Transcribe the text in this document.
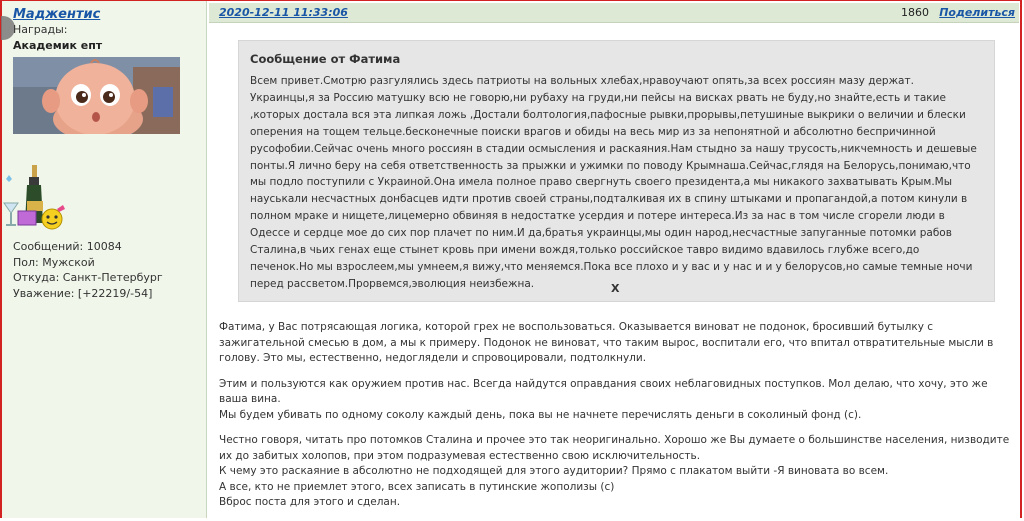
Маджентис
Награды:
Академик епт
Сообщений: 10084
Пол: Мужской
Откуда: Санкт-Петербург
Уважение: [+22219/-54]
2020-12-11 11:33:06	1860 Поделиться
Сообщение от Фатима
Всем привет.Смотрю разгулялись здесь патриоты на вольных хлебах,нравоучают опять,за всех россиян мазу держат. Украинцы,я за Россию матушку всю не говорю,ни рубаху на груди,ни пейсы на висках рвать не буду,но знайте,есть и такие ,которых достала вся эта липкая ложь ,Достали болтология,пафосные рывки,прорывы,петушиные выкрики о величии и блески оперения на тощем тельце.бесконечные поиски врагов и обиды на весь мир из за непонятной и абсолютно беспричинной русофобии.Сейчас очень много россиян в стадии осмысления и раскаяния.Нам стыдно за нашу трусость,никчемность и дешевые понты.Я лично беру на себя ответственность за прыжки и ужимки по поводу Крымнаша.Сейчас,глядя на Белорусь,понимаю,что мы подло поступили с Украиной.Она имела полное право свергнуть своего президента,а мы никакого захватывать Крым.Мы науськали несчастных донбасцев идти против своей страны,подталкивая их в спину штыками и пропагандой,а потом кинули в полном мраке и нищете,лицемерно обвиняя в недостатке усердия и потере интереса.Из за нас в том числе сгорели люди в Одессе и сердце мое до сих пор плачет по ним.И да,братья украинцы,мы один народ,несчастные запуганные потомки рабов Сталина,в чьих генах еще стынет кровь при имени вождя,только российское тавро видимо вдавилось глубже всего,до печенок.Но мы взрослеем,мы умнеем,я вижу,что меняемся.Пока все плохо и у вас и у нас и и у белорусов,но самые темные ночи перед рассветом.Прорвемся,эволюция неизбежна.	X

Фатима, у Вас потрясающая логика, которой грех не воспользоваться. Оказывается виноват не подонок, бросивший бутылку с зажигательной смесью в дом, а мы к примеру. Подонок не виноват, что таким вырос, воспитали его, что впитал отвратительные мысли в голову. Это мы, естественно, недоглядели и спровоцировали, подтолкнули.

Этим и пользуются как оружием против нас. Всегда найдутся оправдания своих неблаговидных поступков. Мол делаю, что хочу, это же ваша вина.
Мы будем убивать по одному соколу каждый день, пока вы не начнете перечислять деньги в соколиный фонд (с).

Честно говоря, читать про потомков Сталина и прочее это так неоригинально. Хорошо же Вы думаете о большинстве населения, низводите их до забитых холопов, при этом подразумевая естественно свою исключительность.
К чему это раскаяние в абсолютно не подходящей для этого аудитории? Прямо с плакатом выйти -Я виновата во всем.
А все, кто не приемлет этого, всех записать в путинские жополизы (с)
Вброс поста для этого и сделан.
